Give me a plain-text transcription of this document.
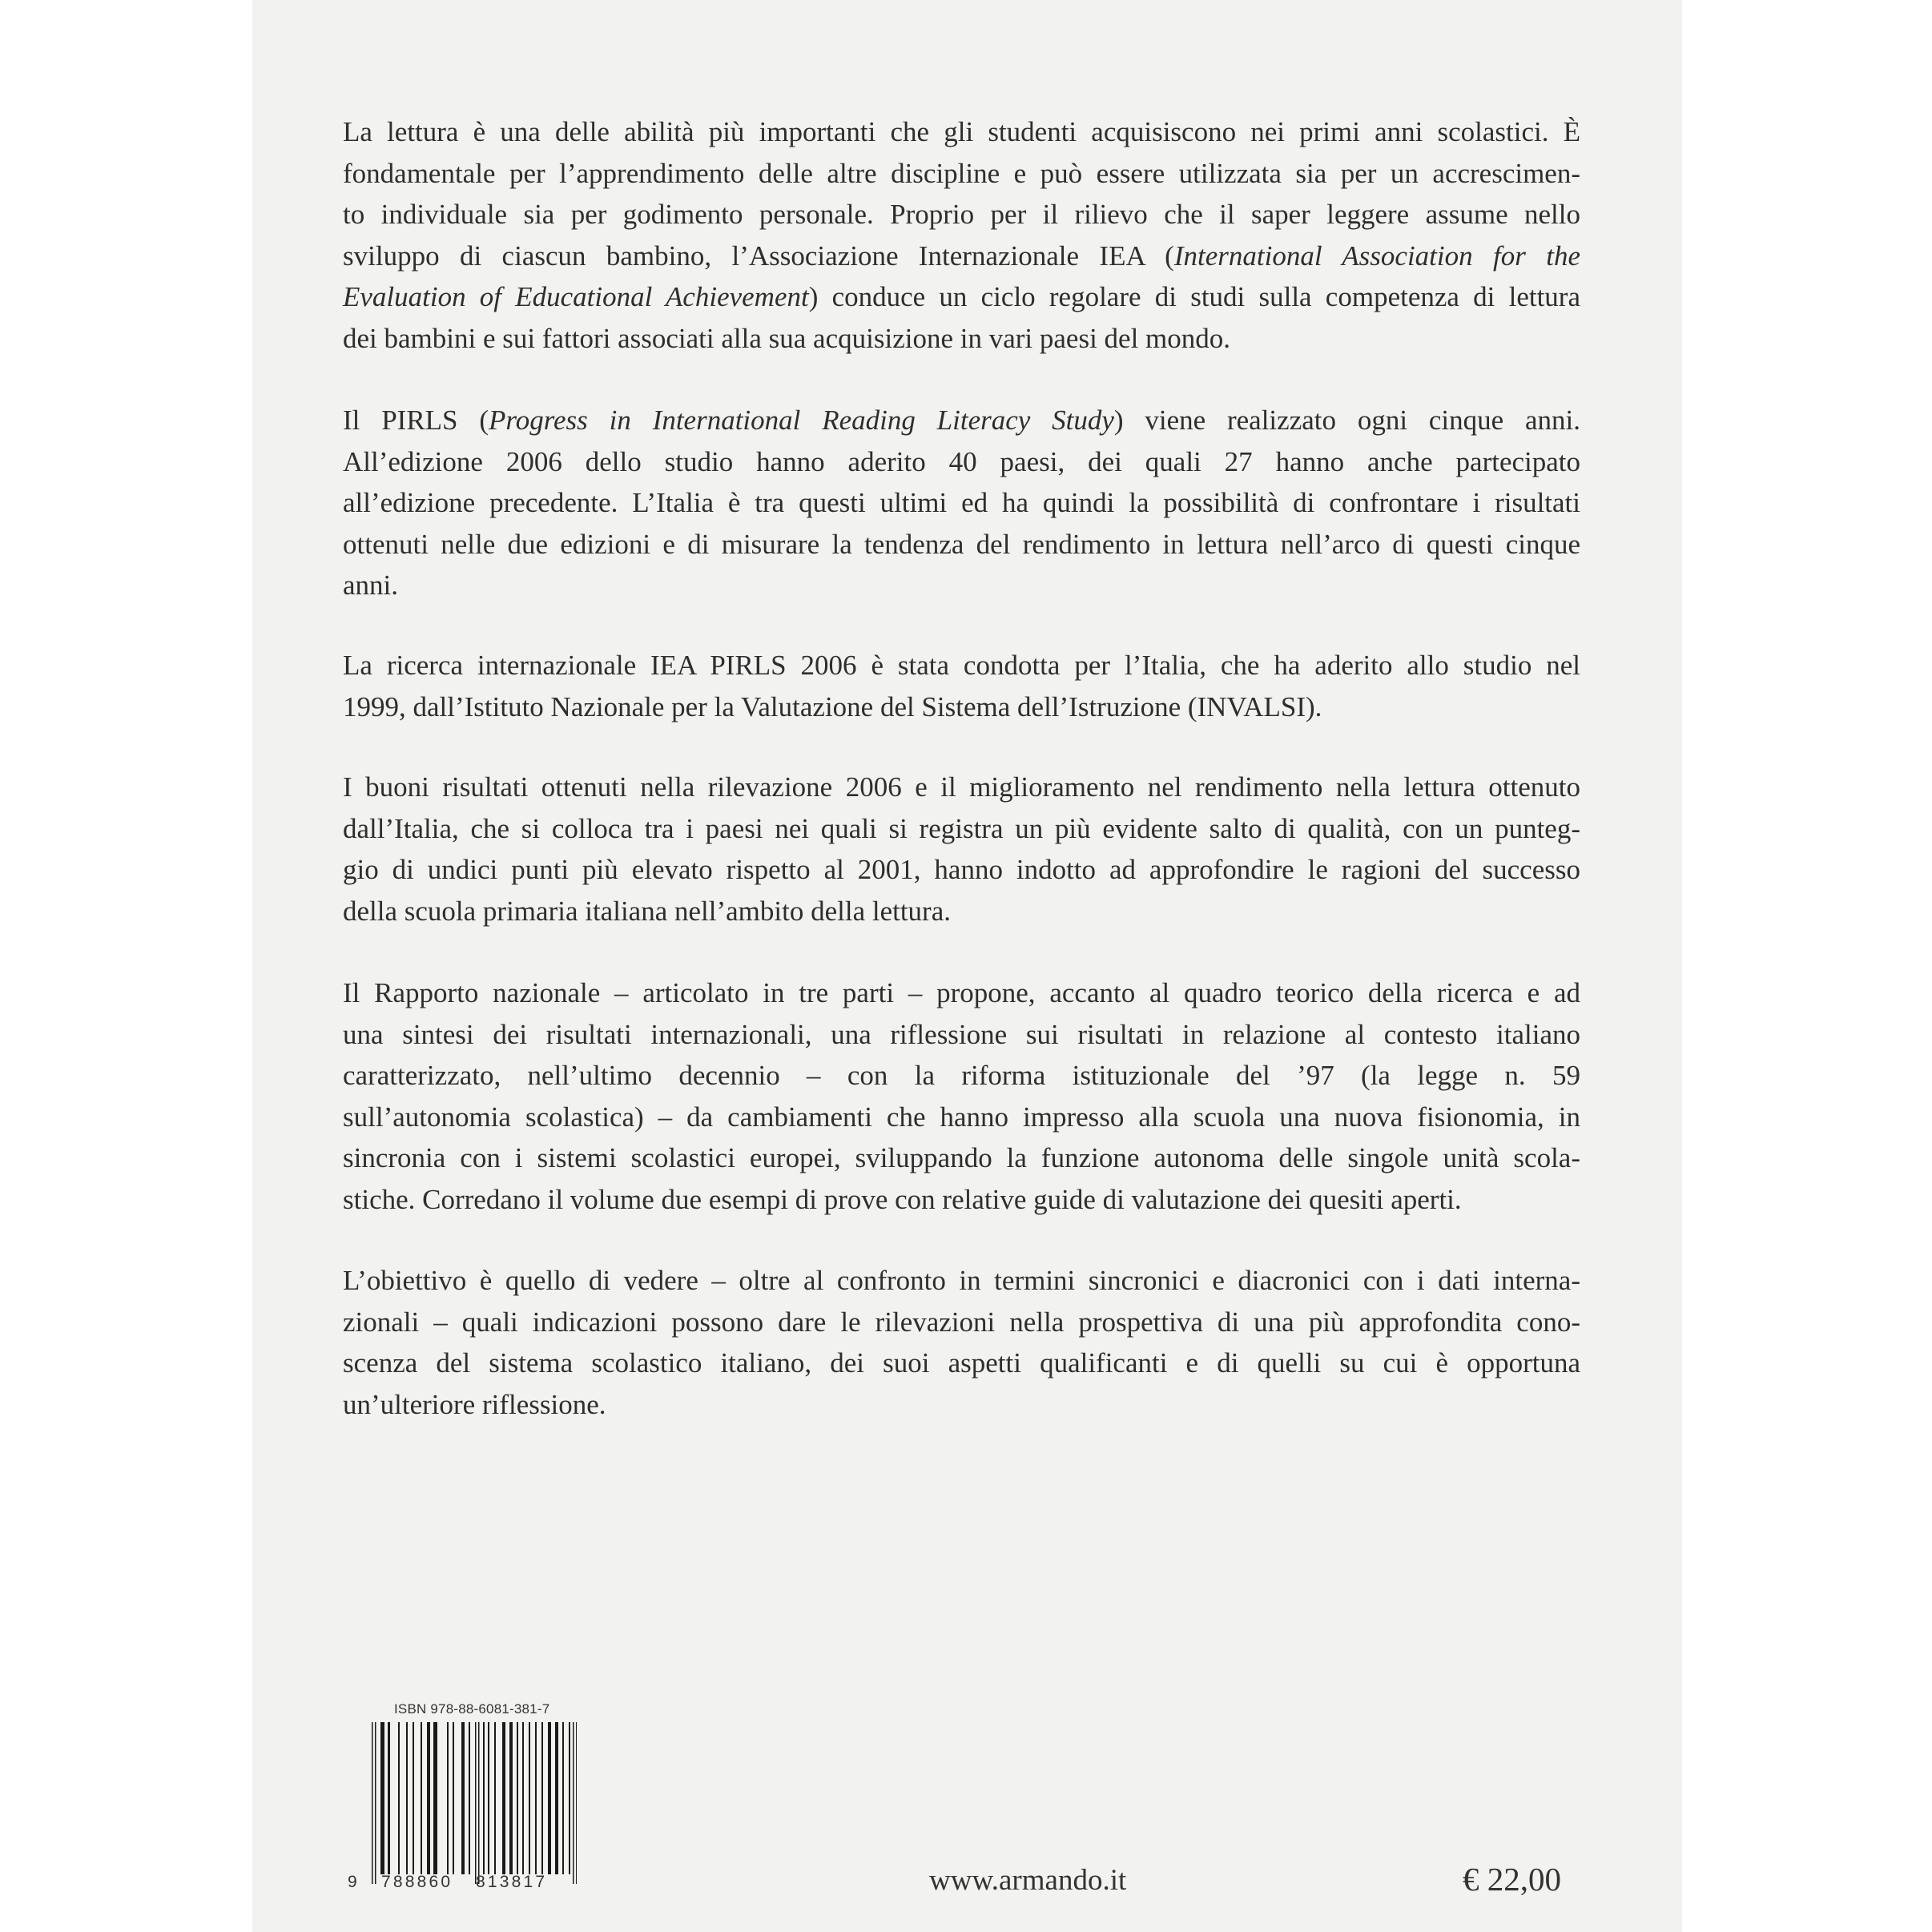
La lettura è una delle abilità più importanti che gli studenti acquisiscono nei primi anni scolastici. È
fondamentale per l’apprendimento delle altre discipline e può essere utilizzata sia per un accrescimen-
to individuale sia per godimento personale. Proprio per il rilievo che il saper leggere assume nello
sviluppo di ciascun bambino, l’Associazione Internazionale IEA (International Association for the
Evaluation of Educational Achievement) conduce un ciclo regolare di studi sulla competenza di lettura
dei bambini e sui fattori associati alla sua acquisizione in vari paesi del mondo.
Il PIRLS (Progress in International Reading Literacy Study) viene realizzato ogni cinque anni.
All’edizione 2006 dello studio hanno aderito 40 paesi, dei quali 27 hanno anche partecipato
all’edizione precedente. L’Italia è tra questi ultimi ed ha quindi la possibilità di confrontare i risultati
ottenuti nelle due edizioni e di misurare la tendenza del rendimento in lettura nell’arco di questi cinque
anni.
La ricerca internazionale IEA PIRLS 2006 è stata condotta per l’Italia, che ha aderito allo studio nel
1999, dall’Istituto Nazionale per la Valutazione del Sistema dell’Istruzione (INVALSI).
I buoni risultati ottenuti nella rilevazione 2006 e il miglioramento nel rendimento nella lettura ottenuto
dall’Italia, che si colloca tra i paesi nei quali si registra un più evidente salto di qualità, con un punteg-
gio di undici punti più elevato rispetto al 2001, hanno indotto ad approfondire le ragioni del successo
della scuola primaria italiana nell’ambito della lettura.
Il Rapporto nazionale – articolato in tre parti – propone, accanto al quadro teorico della ricerca e ad
una sintesi dei risultati internazionali, una riflessione sui risultati in relazione al contesto italiano
caratterizzato, nell’ultimo decennio – con la riforma istituzionale del ’97 (la legge n. 59
sull’autonomia scolastica) – da cambiamenti che hanno impresso alla scuola una nuova fisionomia, in
sincronia con i sistemi scolastici europei, sviluppando la funzione autonoma delle singole unità scola-
stiche. Corredano il volume due esempi di prove con relative guide di valutazione dei quesiti aperti.
L’obiettivo è quello di vedere – oltre al confronto in termini sincronici e diacronici con i dati interna-
zionali – quali indicazioni possono dare le rilevazioni nella prospettiva di una più approfondita cono-
scenza del sistema scolastico italiano, dei suoi aspetti qualificanti e di quelli su cui è opportuna
un’ulteriore riflessione.
ISBN 978-88-6081-381-7
9 788860 813817	www.armando.it	€ 22,00
